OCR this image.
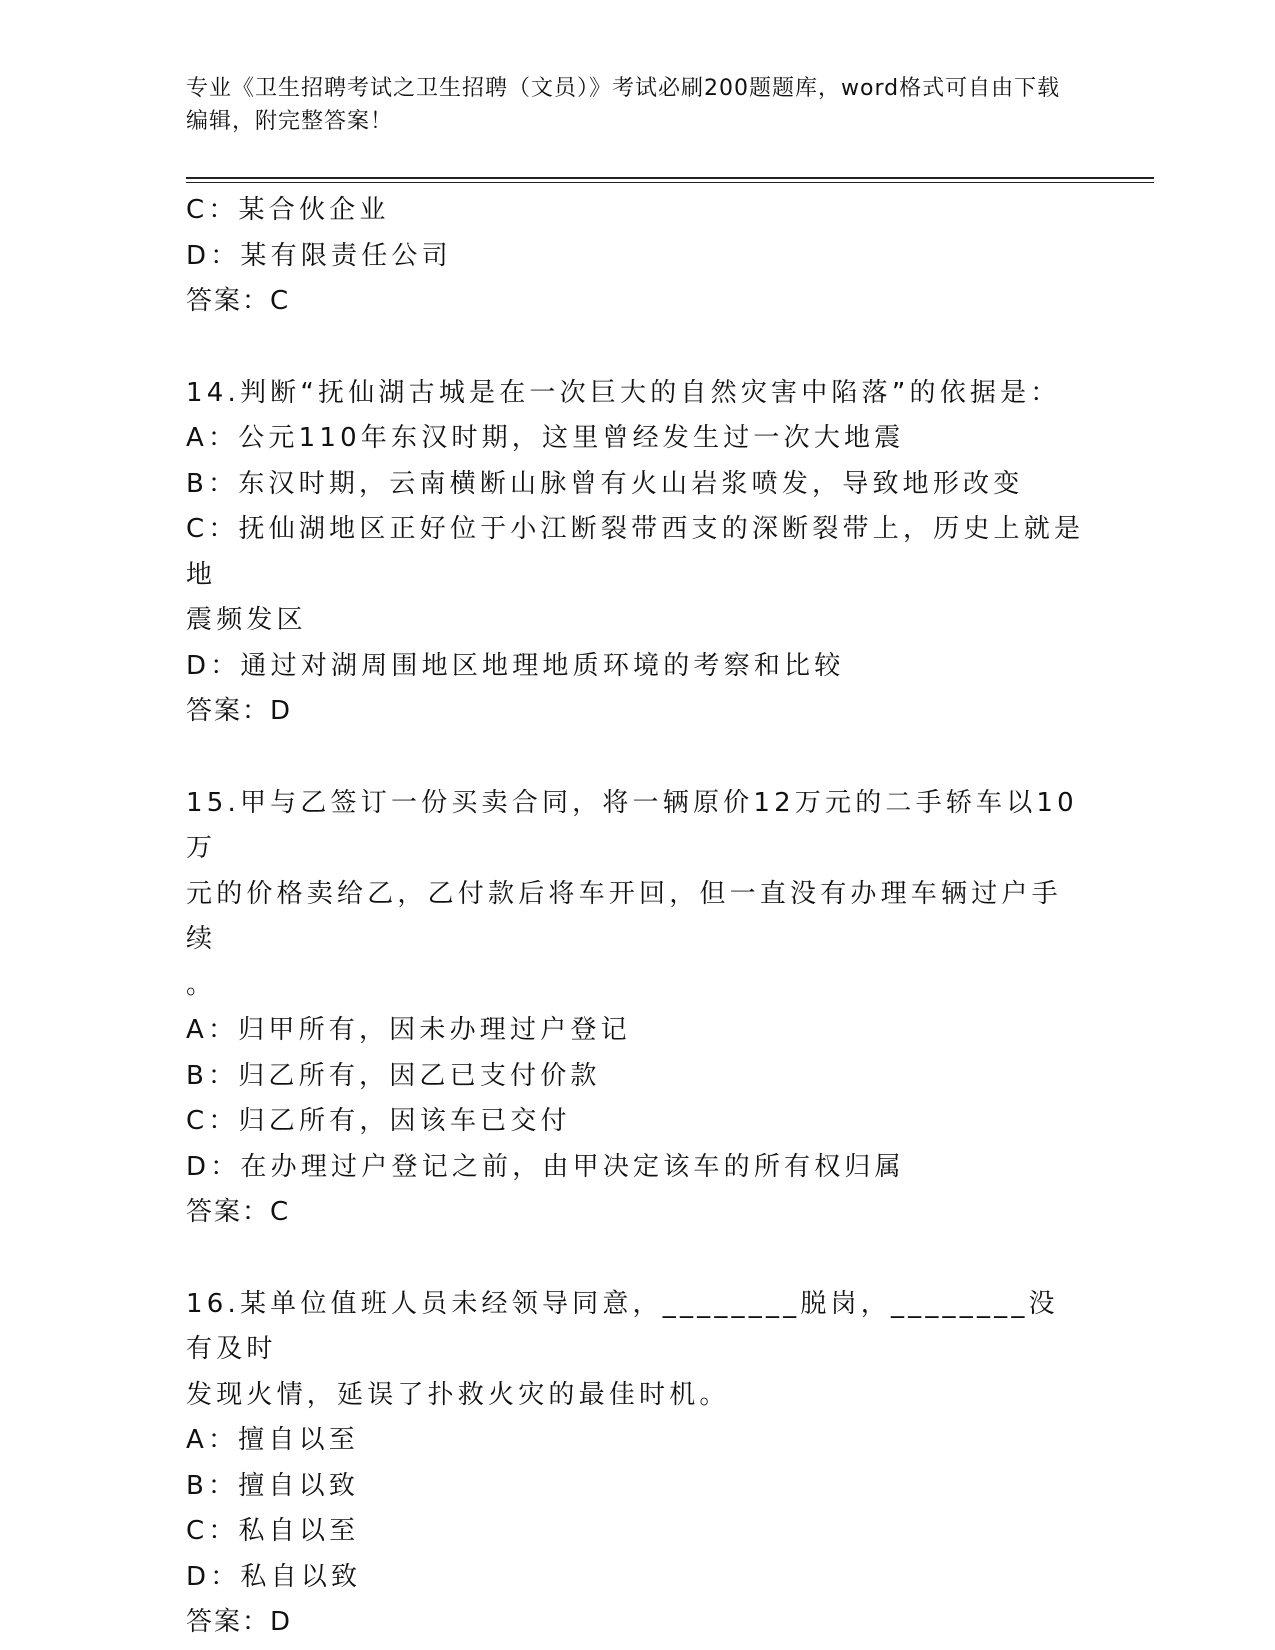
专业《卫生招聘考试之卫生招聘（文员）》考试必刷200题题库，word格式可自由下载编辑，附完整答案！

C：某合伙企业

D：某有限责任公司

答案：C

14.判断“抚仙湖古城是在一次巨大的自然灾害中陷落”的依据是：

A：公元110年东汉时期，这里曾经发生过一次大地震

B：东汉时期，云南横断山脉曾有火山岩浆喷发，导致地形改变

C：抚仙湖地区正好位于小江断裂带西支的深断裂带上，历史上就是地

震频发区

D：通过对湖周围地区地理地质环境的考察和比较

答案：D

15.甲与乙签订一份买卖合同，将一辆原价12万元的二手轿车以10万

元的价格卖给乙，乙付款后将车开回，但一直没有办理车辆过户手续

。

A：归甲所有，因未办理过户登记

B：归乙所有，因乙已支付价款

C：归乙所有，因该车已交付

D：在办理过户登记之前，由甲决定该车的所有权归属

答案：C

16.某单位值班人员未经领导同意，________脱岗，________没有及时

发现火情，延误了扑救火灾的最佳时机。

A：擅自以至

B：擅自以致

C：私自以至

D：私自以致

答案：D
